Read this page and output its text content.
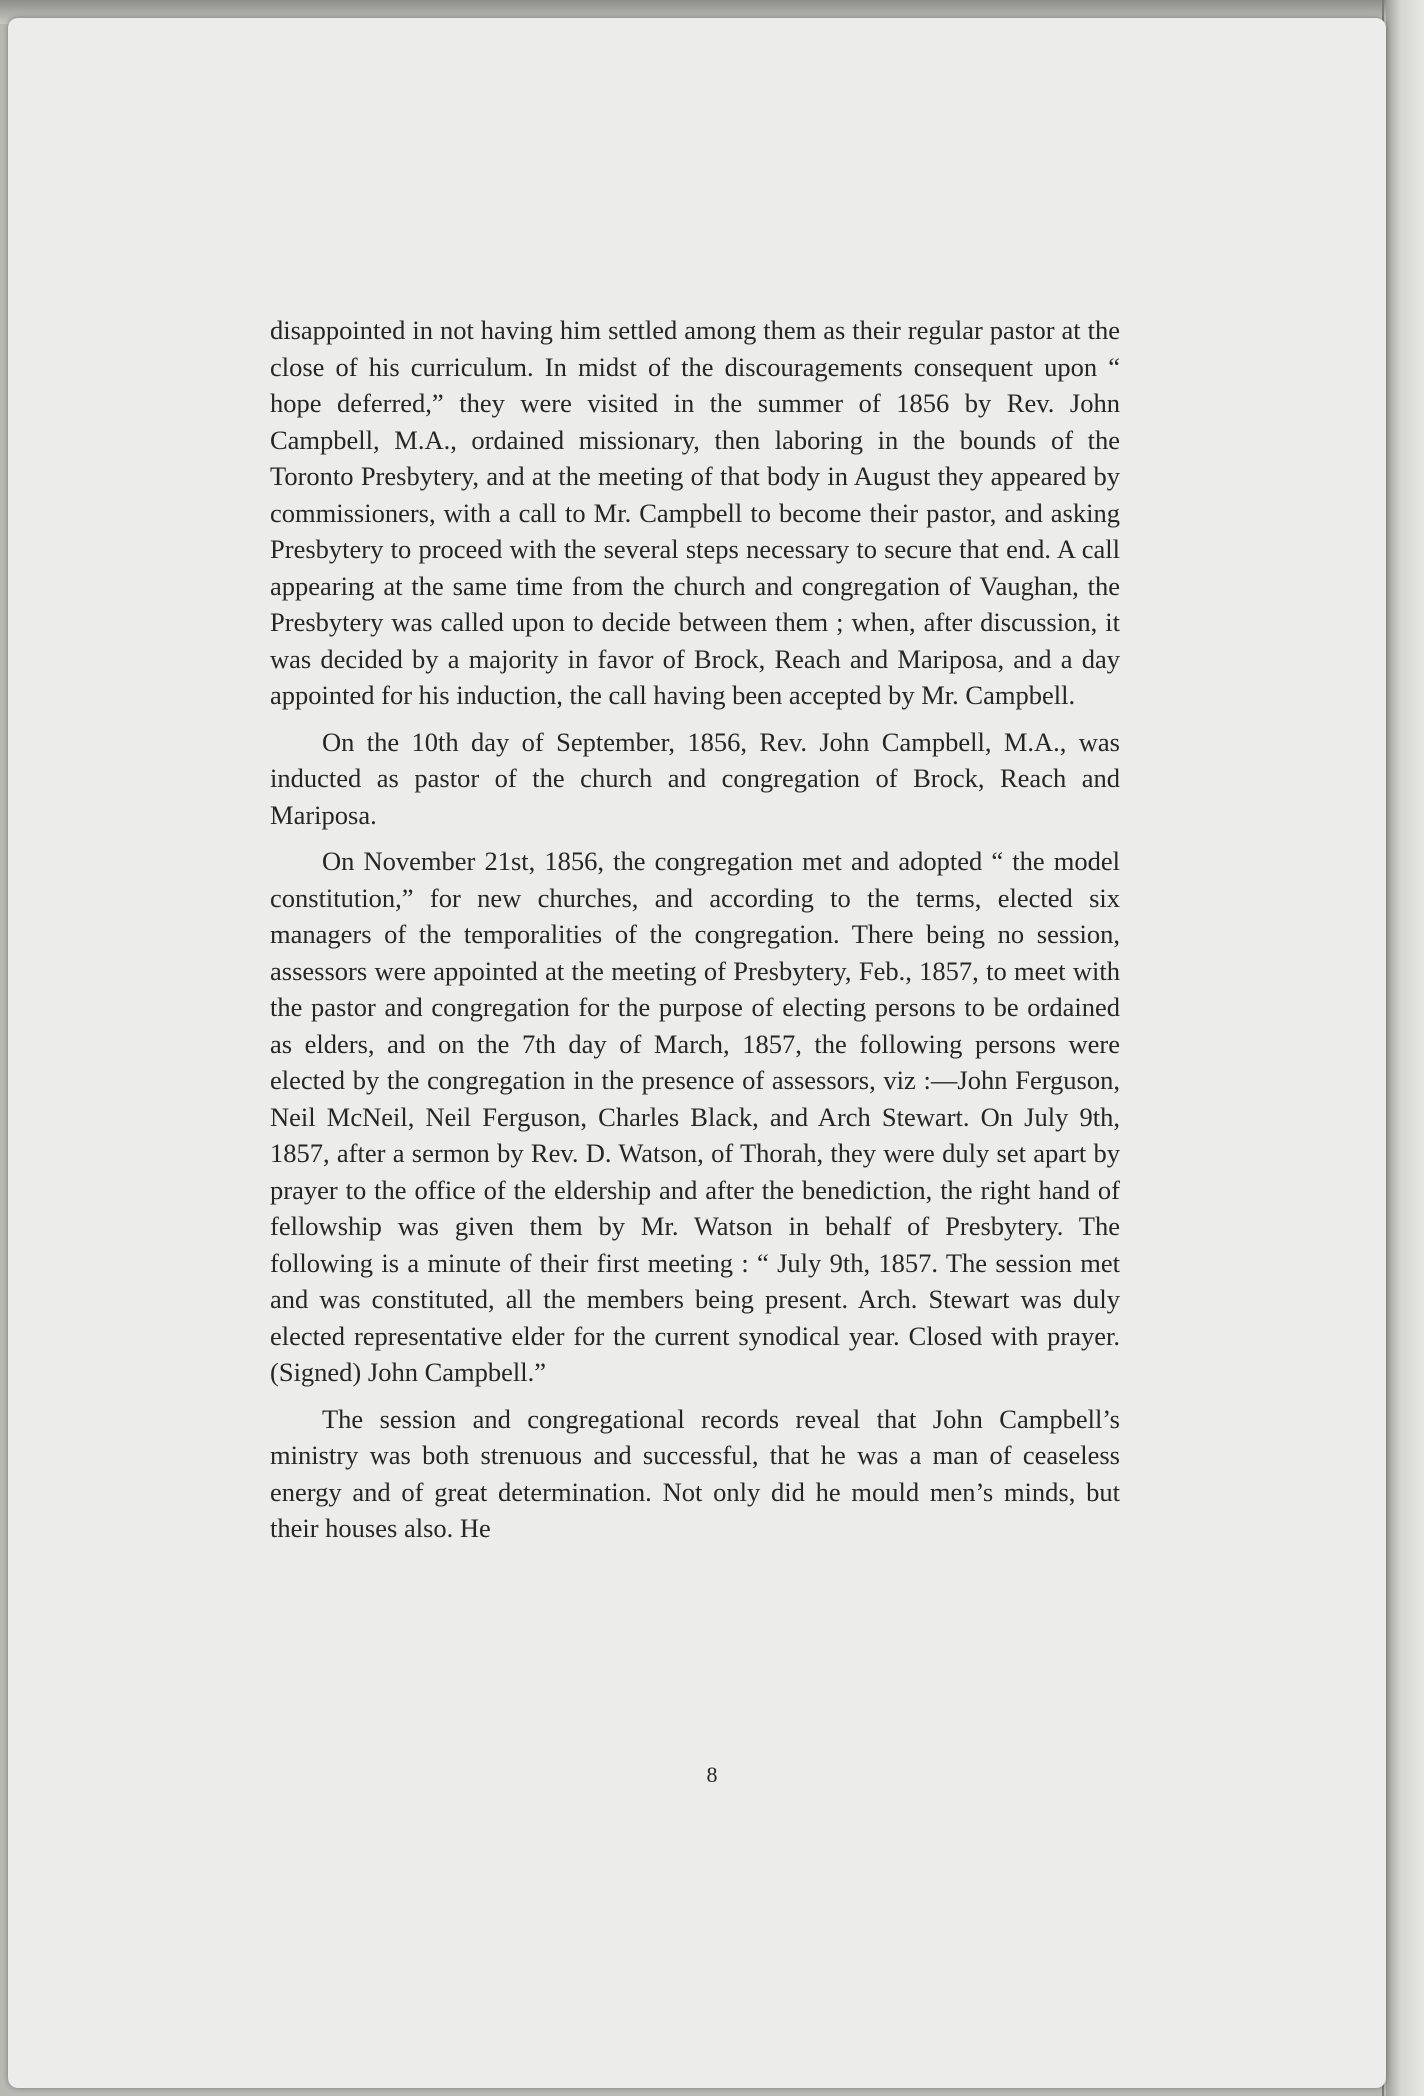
disappointed in not having him settled among them as their regular pastor at the close of his curriculum. In midst of the discouragements consequent upon “ hope deferred,” they were visited in the summer of 1856 by Rev. John Campbell, M.A., ordained missionary, then laboring in the bounds of the Toronto Presbytery, and at the meeting of that body in August they appeared by commissioners, with a call to Mr. Campbell to become their pastor, and asking Presbytery to proceed with the several steps necessary to secure that end. A call appearing at the same time from the church and congregation of Vaughan, the Presbytery was called upon to decide between them ; when, after discussion, it was decided by a majority in favor of Brock, Reach and Mariposa, and a day appointed for his induction, the call having been accepted by Mr. Campbell.

On the 10th day of September, 1856, Rev. John Campbell, M.A., was inducted as pastor of the church and congregation of Brock, Reach and Mariposa.

On November 21st, 1856, the congregation met and adopted “ the model constitution,” for new churches, and according to the terms, elected six managers of the temporalities of the congregation. There being no session, assessors were appointed at the meeting of Presbytery, Feb., 1857, to meet with the pastor and congregation for the purpose of electing persons to be ordained as elders, and on the 7th day of March, 1857, the following persons were elected by the congregation in the presence of assessors, viz :—John Ferguson, Neil McNeil, Neil Ferguson, Charles Black, and Arch Stewart. On July 9th, 1857, after a sermon by Rev. D. Watson, of Thorah, they were duly set apart by prayer to the office of the eldership and after the benediction, the right hand of fellowship was given them by Mr. Watson in behalf of Presbytery. The following is a minute of their first meeting : “ July 9th, 1857. The session met and was constituted, all the members being present. Arch. Stewart was duly elected representative elder for the current synodical year. Closed with prayer. (Signed) John Campbell.”

The session and congregational records reveal that John Campbell’s ministry was both strenuous and successful, that he was a man of ceaseless energy and of great determination. Not only did he mould men’s minds, but their houses also. He

8
